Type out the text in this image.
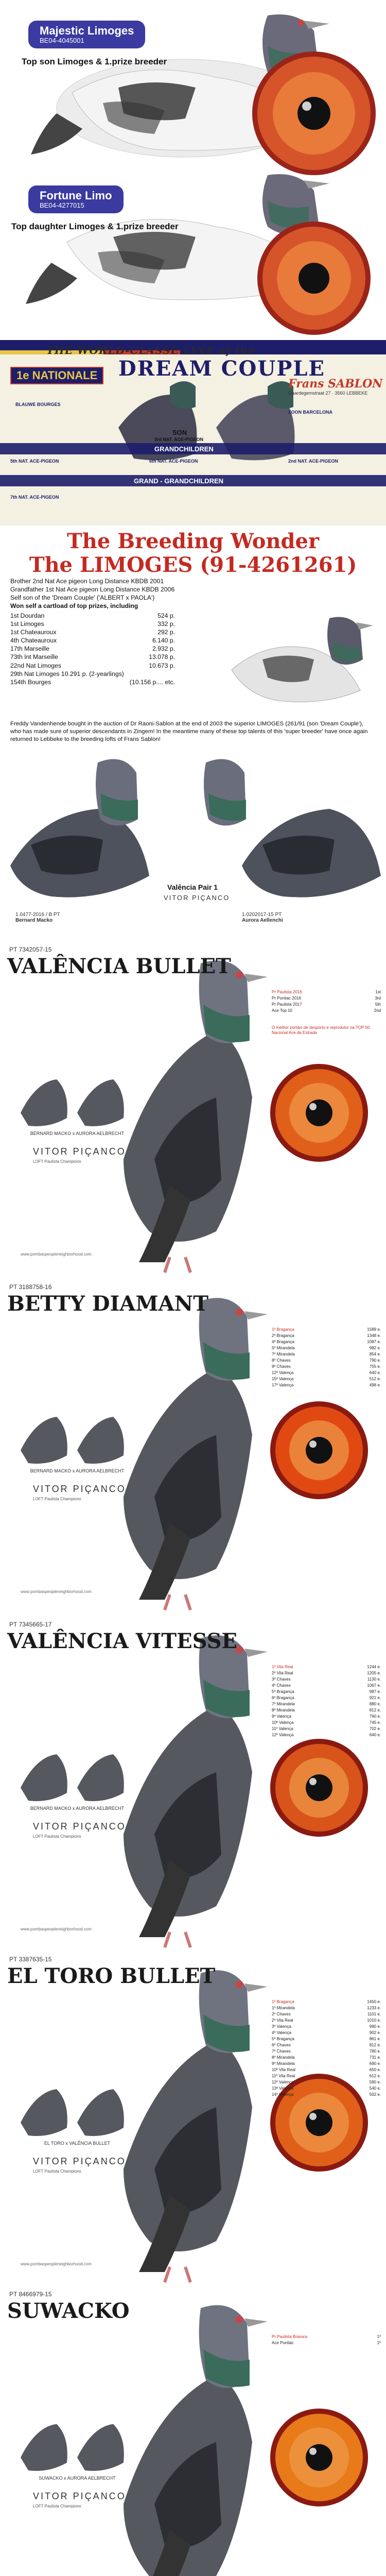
Majestic Limoges
BE04-4045001
Top son Limoges & 1.prize breeder
Fortune Limo
BE04-4277015
Top daughter Limoges & 1.prize breeder
THE WORLD-CLASSE LINE of the
DREAM COUPLE
1e NATIONALE
Frans SABLON
Gaardegemstraat 27 · 3560 LEBBEKE
BLAUWE BOURGES
ZOON BARCELONA
SON
3rd NAT. ACE-PIGEON
GRANDCHILDREN
5th NAT. ACE-PIGEON	6th NAT. ACE-PIGEON	2nd NAT. ACE-PIGEON
GRAND - GRANDCHILDREN
7th NAT. ACE-PIGEON
The Breeding Wonder
The LIMOGES (91-4261261)
Brother 2nd Nat Ace pigeon Long Distance KBDB 2001
Grandfather 1st Nat Ace pigeon Long Distance KBDB 2006
Self son of the 'Dream Couple' ('ALBERT x PAOLA')
Won self a cartload of top prizes, including
1st Dourdan	524 p.
1st Limoges	332 p.
1st Chateauroux	292 p.
4th Chateauroux	6.140 p.
17th Marseille	2.932 p.
73th Int Marseille	13.078 p.
22nd Nat Limoges	10.673 p.
29th Nat Limoges 10.291 p. (2-yearlings)
154th Bourges	(10.156 p.... etc.
Freddy Vandenhende bought in the auction of Dr Raoni-Sablon at the end of 2003 the superior LIMOGES (261/91 (son 'Dream Couple'), who has made sure of superior descendants in Zingem! In the meantime many of these top talents of this 'super breeder' have once again returned to Lebbeke to the breeding lofts of Frans Sablon!
Valência Pair 1
VITOR PIÇANCO
1.0477-2016 / B PT
Bernard Macko
1.0202017-15 PT
Aurora Aellenchi
PT 7342057-15
VALÊNCIA BULLET
BERNARD MACKO x AURORA AELBRECHT
VITOR PIÇANCO
LOFT Paulista Champions
www.pombaspeopleneighborhood.com
Pr Paulista 2016	1st
Pr Pontiac 2016	3rd
Pr Paulista 2017	5th
Ace Top 10	2nd
O melhor pombo de desporto e reprodutor na TOP 50 Nacional Ace da Estrada
PT 3188758-16
BETTY DIAMANT
BERNARD MACKO x AURORA AELBRECHT
VITOR PIÇANCO
LOFT Paulista Champions
www.pombaspeopleneighborhood.com
1º Bragança	1589 e.
2º Bragança	1348 e.
4º Bragança	1087 e.
5º Mirandela	982 e.
7º Mirandela	854 e.
8º Chaves	790 e.
9º Chaves	755 e.
12º Valença	640 e.
15º Valença	512 e.
17º Valença	498 e.
PT 7345665-17
VALÊNCIA VITESSE
BERNARD MACKO x AURORA AELBRECHT
VITOR PIÇANCO
LOFT Paulista Champions
www.pombaspeopleneighborhood.com
1º Vila Real	1244 e.
2º Vila Real	1205 e.
3º Chaves	1130 e.
4º Chaves	1067 e.
5º Bragança	987 e.
6º Bragança	921 e.
7º Mirandela	880 e.
8º Mirandela	812 e.
9º Valença	790 e.
10º Valença	745 e.
11º Valença	702 e.
12º Valença	640 e.
PT 3387635-15
EL TORO BULLET
EL TORO x VALÊNCIA BULLET
VITOR PIÇANCO
LOFT Paulista Champions
www.pombaspeopleneighborhood.com
1º Bragança	1450 e.
1º Mirandela	1233 e.
2º Chaves	1101 e.
2º Vila Real	1010 e.
3º Valença	990 e.
4º Valença	902 e.
5º Bragança	861 e.
6º Chaves	812 e.
7º Chaves	780 e.
8º Mirandela	731 e.
9º Mirandela	690 e.
10º Vila Real	650 e.
11º Vila Real	612 e.
12º Valença	580 e.
13º Valença	540 e.
14º Valença	502 e.
PT 8466979-15
SUWACKO
SUWACKO x AURORA AELBRECHT
VITOR PIÇANCO
LOFT Paulista Champions
Pr Paulista Bravura	1º
Ace Pontiac	1º
